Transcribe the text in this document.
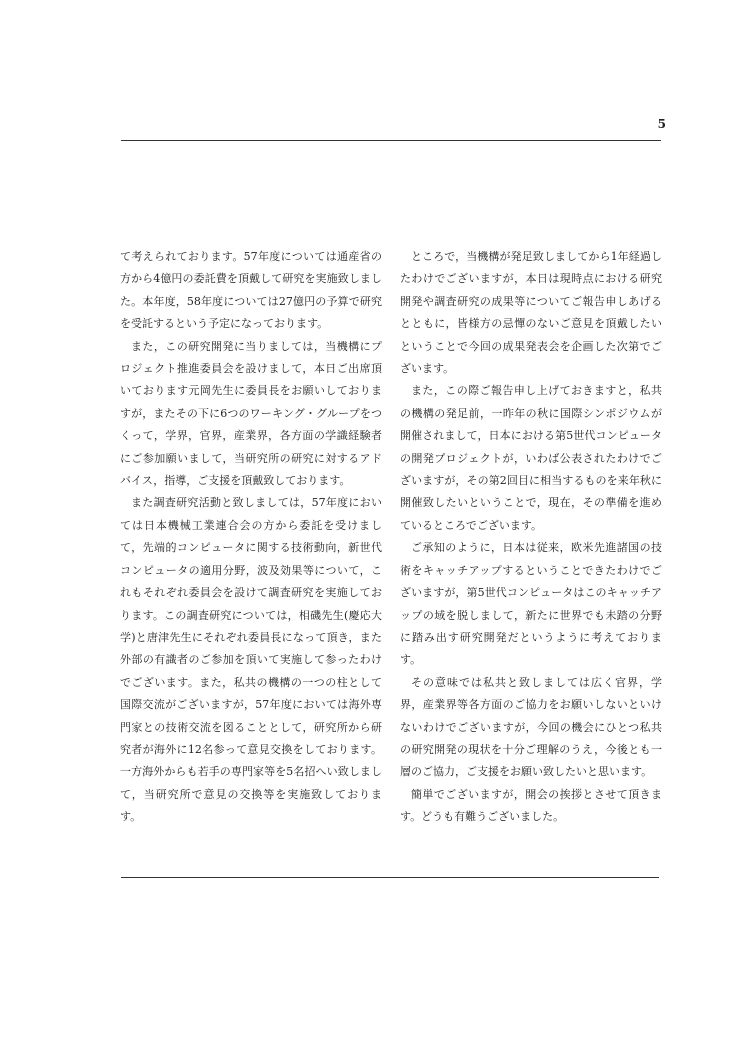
5

て考えられております。57年度については通産省の方から4億円の委託費を頂戴して研究を実施致しました。本年度，58年度については27億円の予算で研究を受託するという予定になっております。

また，この研究開発に当りましては，当機構にプロジェクト推進委員会を設けまして，本日ご出席頂いております元岡先生に委員長をお願いしておりますが，またその下に6つのワーキング・グループをつくって，学界，官界，産業界，各方面の学識経験者にご参加願いまして，当研究所の研究に対するアドバイス，指導，ご支援を頂戴致しております。

また調査研究活動と致しましては，57年度においては日本機械工業連合会の方から委託を受けまして，先端的コンピュータに関する技術動向，新世代コンピュータの適用分野，波及効果等について，これもそれぞれ委員会を設けて調査研究を実施しております。この調査研究については，相磯先生(慶応大学)と唐津先生にそれぞれ委員長になって頂き，また外部の有識者のご参加を頂いて実施して参ったわけでございます。また，私共の機構の一つの柱として国際交流がございますが，57年度においては海外専門家との技術交流を図ることとして，研究所から研究者が海外に12名参って意見交換をしております。一方海外からも若手の専門家等を5名招へい致しまして，当研究所で意見の交換等を実施致しております。

ところで，当機構が発足致しましてから1年経過したわけでございますが，本日は現時点における研究開発や調査研究の成果等についてご報告申しあげるとともに，皆様方の忌憚のないご意見を頂戴したいということで今回の成果発表会を企画した次第でございます。

また，この際ご報告申し上げておきますと，私共の機構の発足前，一昨年の秋に国際シンポジウムが開催されまして，日本における第5世代コンピュータの開発プロジェクトが，いわば公表されたわけでございますが，その第2回目に相当するものを来年秋に開催致したいということで，現在，その準備を進めているところでございます。

ご承知のように，日本は従来，欧米先進諸国の技術をキャッチアップするということできたわけでございますが，第5世代コンピュータはこのキャッチアップの域を脱しまして，新たに世界でも未踏の分野に踏み出す研究開発だというように考えております。

その意味では私共と致しましては広く官界，学界，産業界等各方面のご協力をお願いしないといけないわけでございますが，今回の機会にひとつ私共の研究開発の現状を十分ご理解のうえ，今後とも一層のご協力，ご支援をお願い致したいと思います。

簡単でございますが，開会の挨拶とさせて頂きます。どうも有難うございました。
